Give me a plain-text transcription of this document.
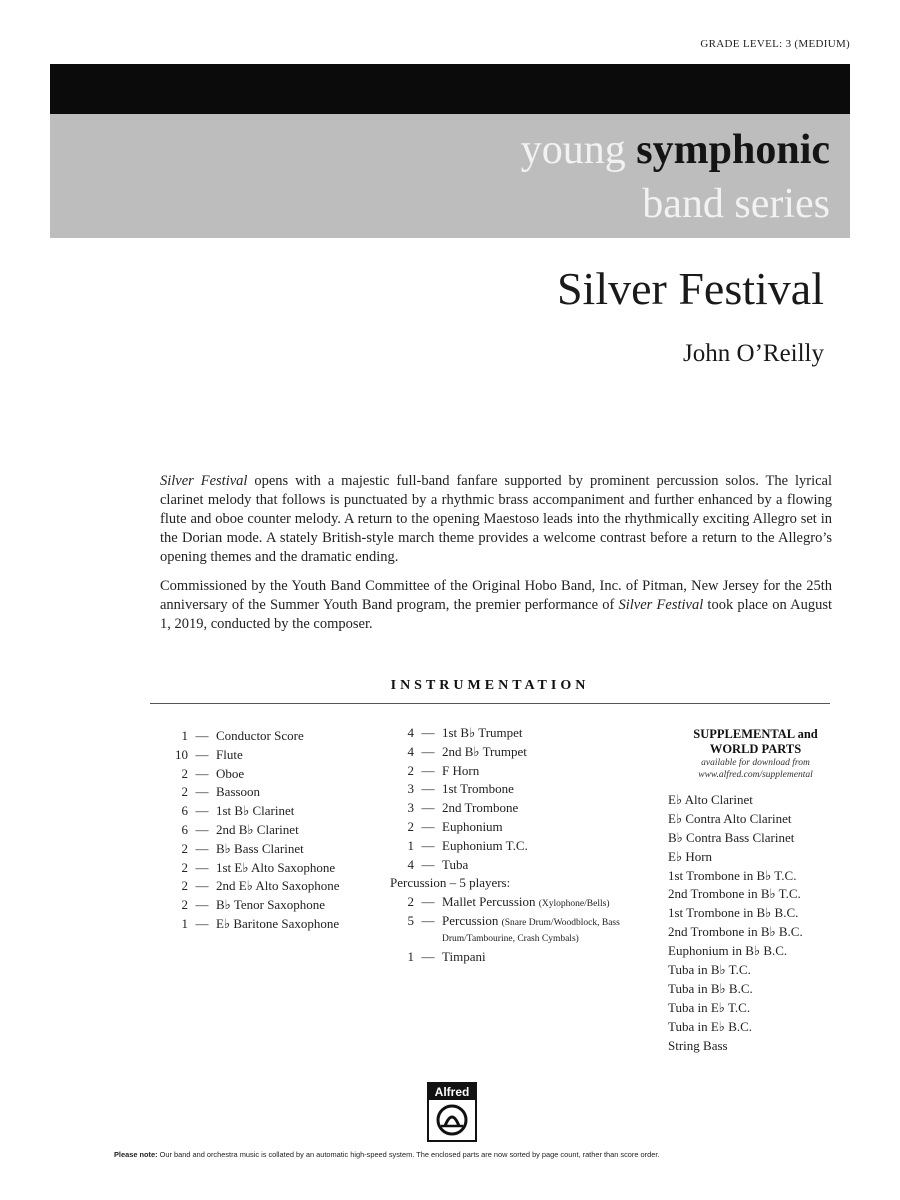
GRADE LEVEL: 3 (MEDIUM)
young symphonic
band series
Silver Festival
John O’Reilly

Silver Festival opens with a majestic full-band fanfare supported by prominent percussion solos. The lyrical clarinet melody that follows is punctuated by a rhythmic brass accompaniment and further enhanced by a flowing flute and oboe counter melody. A return to the opening Maestoso leads into the rhythmically exciting Allegro set in the Dorian mode. A stately British-style march theme provides a welcome contrast before a return to the Allegro’s opening themes and the dramatic ending.

Commissioned by the Youth Band Committee of the Original Hobo Band, Inc. of Pitman, New Jersey for the 25th anniversary of the Summer Youth Band program, the premier performance of Silver Festival took place on August 1, 2019, conducted by the composer.

INSTRUMENTATION
1 — Conductor Score
10 — Flute
2 — Oboe
2 — Bassoon
6 — 1st B♭ Clarinet
6 — 2nd B♭ Clarinet
2 — B♭ Bass Clarinet
2 — 1st E♭ Alto Saxophone
2 — 2nd E♭ Alto Saxophone
2 — B♭ Tenor Saxophone
1 — E♭ Baritone Saxophone
4 — 1st B♭ Trumpet
4 — 2nd B♭ Trumpet
2 — F Horn
3 — 1st Trombone
3 — 2nd Trombone
2 — Euphonium
1 — Euphonium T.C.
4 — Tuba
Percussion – 5 players:
2 — Mallet Percussion (Xylophone/Bells)
5 — Percussion (Snare Drum/Woodblock, Bass Drum/Tambourine, Crash Cymbals)
1 — Timpani
SUPPLEMENTAL and
WORLD PARTS
available for download from
www.alfred.com/supplemental
E♭ Alto Clarinet
E♭ Contra Alto Clarinet
B♭ Contra Bass Clarinet
E♭ Horn
1st Trombone in B♭ T.C.
2nd Trombone in B♭ T.C.
1st Trombone in B♭ B.C.
2nd Trombone in B♭ B.C.
Euphonium in B♭ B.C.
Tuba in B♭ T.C.
Tuba in B♭ B.C.
Tuba in E♭ T.C.
Tuba in E♭ B.C.
String Bass
Alfred
Please note: Our band and orchestra music is collated by an automatic high-speed system. The enclosed parts are now sorted by page count, rather than score order.
